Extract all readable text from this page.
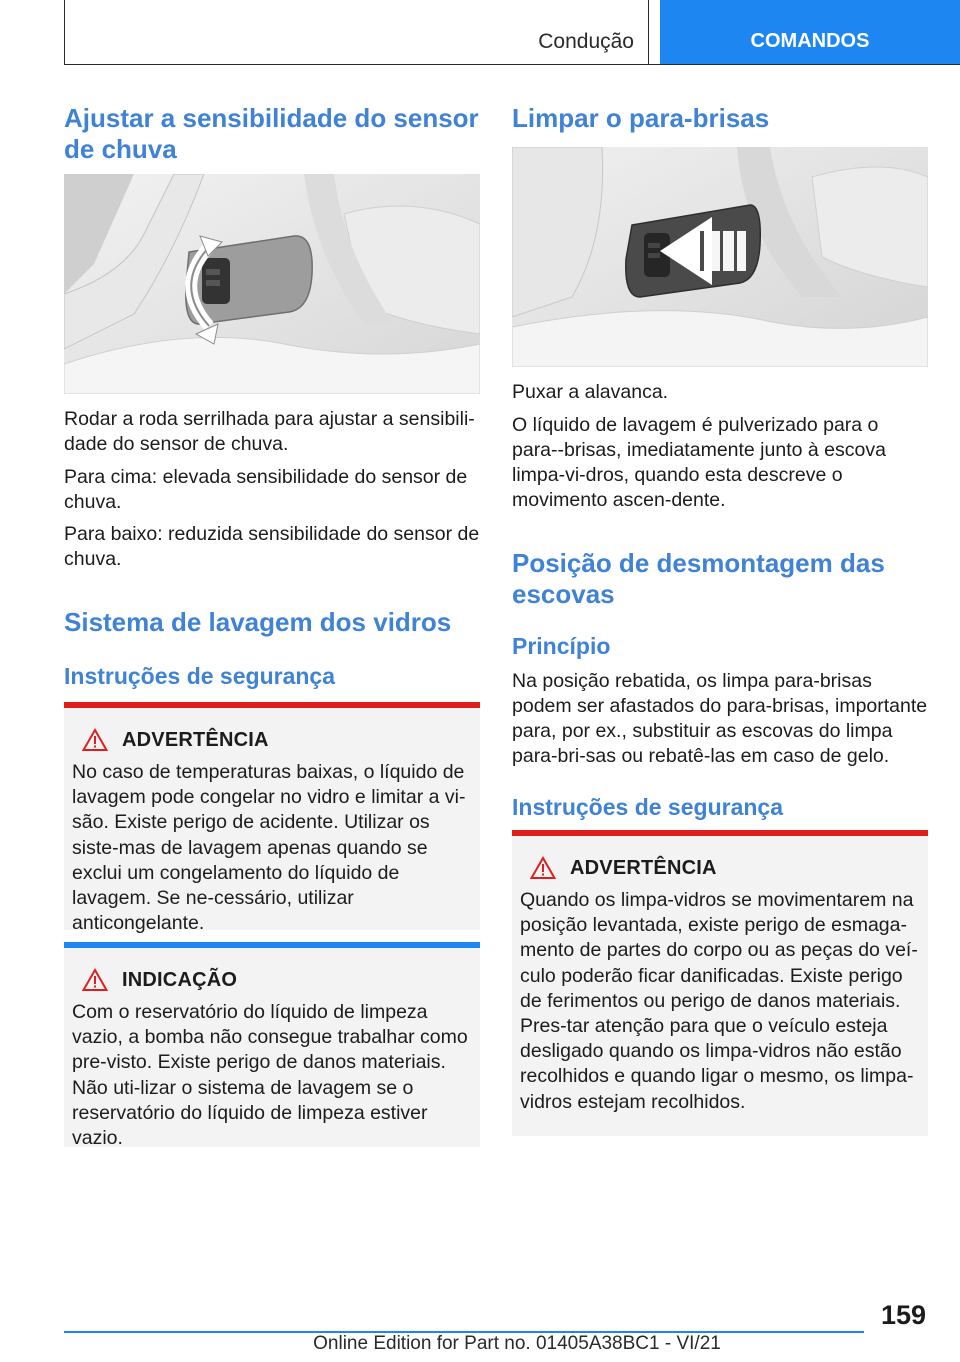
Condução	COMANDOS
Ajustar a sensibilidade do sensor de chuva

Rodar a roda serrilhada para ajustar a sensibili-dade do sensor de chuva.

Para cima: elevada sensibilidade do sensor de chuva.

Para baixo: reduzida sensibilidade do sensor de chuva.

Sistema de lavagem dos vidros
Instruções de segurança
ADVERTÊNCIA

No caso de temperaturas baixas, o líquido de lavagem pode congelar no vidro e limitar a vi-são. Existe perigo de acidente. Utilizar os siste-mas de lavagem apenas quando se exclui um congelamento do líquido de lavagem. Se ne-cessário, utilizar anticongelante.

INDICAÇÃO

Com o reservatório do líquido de limpeza vazio, a bomba não consegue trabalhar como pre-visto. Existe perigo de danos materiais. Não uti-lizar o sistema de lavagem se o reservatório do líquido de limpeza estiver vazio.

Limpar o para-brisas

Puxar a alavanca.

O líquido de lavagem é pulverizado para o para--brisas, imediatamente junto à escova limpa-vi-dros, quando esta descreve o movimento ascen-dente.

Posição de desmontagem das escovas
Princípio

Na posição rebatida, os limpa para-brisas podem ser afastados do para-brisas, importante para, por ex., substituir as escovas do limpa para-bri-sas ou rebatê-las em caso de gelo.

Instruções de segurança
ADVERTÊNCIA

Quando os limpa-vidros se movimentarem na posição levantada, existe perigo de esmaga-mento de partes do corpo ou as peças do veí-culo poderão ficar danificadas. Existe perigo de ferimentos ou perigo de danos materiais. Pres-tar atenção para que o veículo esteja desligado quando os limpa-vidros não estão recolhidos e quando ligar o mesmo, os limpa-vidros estejam recolhidos.

159
Online Edition for Part no. 01405A38BC1 - VI/21
